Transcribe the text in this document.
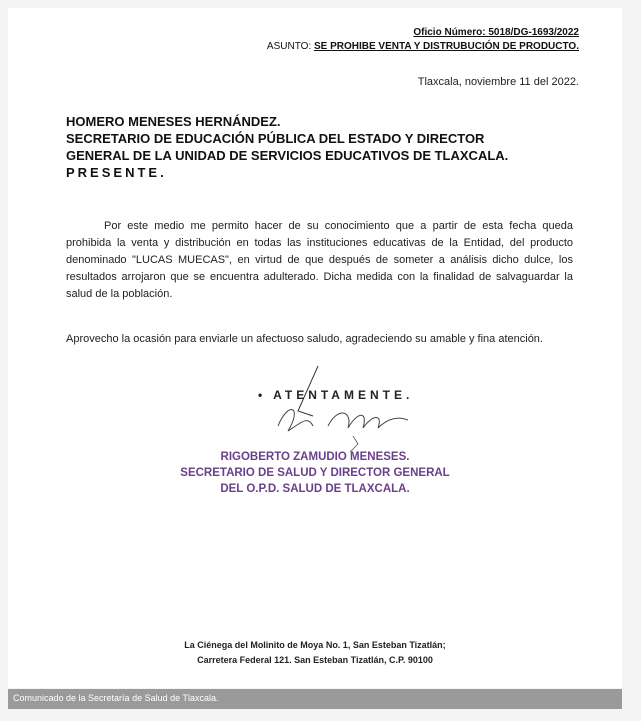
Oficio Número: 5018/DG-1693/2022
ASUNTO: SE PROHIBE VENTA Y DISTRUBUCIÓN DE PRODUCTO.
Tlaxcala, noviembre 11 del 2022.
HOMERO MENESES HERNÁNDEZ.
SECRETARIO DE EDUCACIÓN PÚBLICA DEL ESTADO Y DIRECTOR
GENERAL DE LA UNIDAD DE SERVICIOS EDUCATIVOS DE TLAXCALA.
PRESENTE.
Por este medio me permito hacer de su conocimiento que a partir de esta fecha queda prohibida la venta y distribución en todas las instituciones educativas de la Entidad, del producto denominado "LUCAS MUECAS", en virtud de que después de someter a análisis dicho dulce, los resultados arrojaron que se encuentra adulterado. Dicha medida con la finalidad de salvaguardar la salud de la población.
Aprovecho la ocasión para enviarle un afectuoso saludo, agradeciendo su amable y fina atención.
• ATENTAMENTE.
RIGOBERTO ZAMUDIO MENESES.
SECRETARIO DE SALUD Y DIRECTOR GENERAL
DEL O.P.D. SALUD DE TLAXCALA.
La Ciénega del Molinito de Moya No. 1, San Esteban Tizatlán;
Carretera Federal 121. San Esteban Tizatlán, C.P. 90100
Comunicado de la Secretaría de Salud de Tlaxcala.
